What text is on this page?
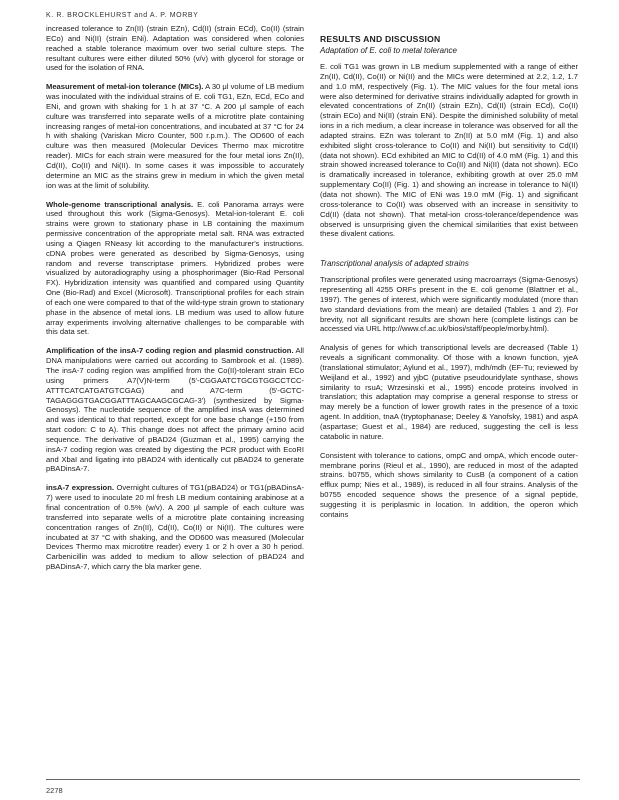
K. R. BROCKLEHURST and A. P. MORBY

increased tolerance to Zn(II) (strain EZn), Cd(II) (strain ECd), Co(II) (strain ECo) and Ni(II) (strain ENi). Adaptation was considered when colonies reached a stable tolerance maximum over two serial culture steps. The resultant cultures were either diluted 50% (v/v) with glycerol for storage or used for the isolation of RNA.

Measurement of metal-ion tolerance (MICs). A 30 μl volume of LB medium was inoculated with the individual strains of E. coli TG1, EZn, ECd, ECo and ENi, and grown with shaking for 1 h at 37 °C. A 200 μl sample of each culture was transferred into separate wells of a microtitre plate containing increasing ranges of metal-ion concentrations, and incubated at 37 °C for 24 h with shaking (Variskan Micro Counter, 500 r.p.m.). The OD600 of each culture was then measured (Molecular Devices Thermo max microtitre reader). MICs for each strain were measured for the four metal ions Zn(II), Cd(II), Co(II) and Ni(II). In some cases it was impossible to accurately determine an MIC as the strains grew in medium in which the given metal ion was at the limit of solubility.

Whole-genome transcriptional analysis. E. coli Panorama arrays were used throughout this work (Sigma-Genosys). Metal-ion-tolerant E. coli strains were grown to stationary phase in LB containing the maximum permissive concentration of the appropriate metal salt. RNA was extracted using a Qiagen RNeasy kit according to the manufacturer's instructions. cDNA probes were generated as described by Sigma-Genosys, using random and reverse transcriptase primers. Hybridized probes were visualized by autoradiography using a phosphorimager (Bio-Rad Personal FX). Hybridization intensity was quantified and compared using Quantity One (Bio-Rad) and Excel (Microsoft). Transcriptional profiles for each strain of each one were compared to that of the wild-type strain grown to stationary phase in the absence of metal ions. LB medium was used to allow future array experiments involving alternative challenges to be comparable with this data set.

Amplification of the insA-7 coding region and plasmid construction. All DNA manipulations were carried out according to Sambrook et al. (1989). The insA-7 coding region was amplified from the Co(II)-tolerant strain ECo using primers A7(V)N-term (5'-CGGAATCTGCGTGGCCTCC-ATTTCATCATGATGTCGAG) and A7C-term (5'-GCTC-TAGAGGGTGACGGATTTAGCAAGCGCAG-3') (synthesized by Sigma-Genosys). The nucleotide sequence of the amplified insA was determined and was identical to that reported, except for one base change (+150 from start codon: C to A). This change does not affect the primary amino acid sequence. The derivative of pBAD24 (Guzman et al., 1995) carrying the insA-7 coding region was created by digesting the PCR product with EcoRI and XbaI and ligating into pBAD24 with identically cut pBAD24 to generate pBADinsA-7.

insA-7 expression. Overnight cultures of TG1(pBAD24) or TG1(pBADinsA-7) were used to inoculate 20 ml fresh LB medium containing arabinose at a final concentration of 0.5% (w/v). A 200 μl sample of each culture was transferred into separate wells of a microtitre plate containing increasing concentration ranges of Zn(II), Cd(II), Co(II) or Ni(II). The cultures were incubated at 37 °C with shaking, and the OD600 was measured (Molecular Devices Thermo max microtitre reader) every 1 or 2 h over a 30 h period. Carbenicillin was added to medium to allow selection of pBAD24 and pBADinsA-7, which carry the bla marker gene.

RESULTS AND DISCUSSION
Adaptation of E. coli to metal tolerance

E. coli TG1 was grown in LB medium supplemented with a range of either Zn(II), Cd(II), Co(II) or Ni(II) and the MICs were determined at 2.2, 1.2, 1.7 and 1.0 mM, respectively (Fig. 1). The MIC values for the four metal ions were also determined for derivative strains individually adapted for growth in elevated concentrations of Zn(II) (strain EZn), Cd(II) (strain ECd), Co(II) (strain ECo) and Ni(II) (strain ENi). Despite the diminished solubility of metal ions in a rich medium, a clear increase in tolerance was observed for all the adapted strains. EZn was tolerant to Zn(II) at 5.0 mM (Fig. 1) and also exhibited slight cross-tolerance to Co(II) and Ni(II) but sensitivity to Cd(II) (data not shown). ECd exhibited an MIC to Cd(II) of 4.0 mM (Fig. 1) and this strain showed increased tolerance to Co(II) and Ni(II) (data not shown). ECo is dramatically increased in tolerance, exhibiting growth at over 25.0 mM supplementary Co(II) (Fig. 1) and showing an increase in tolerance to Ni(II) (data not shown). The MIC of ENi was 19.0 mM (Fig. 1) and significant cross-tolerance to Co(II) was observed with an increase in sensitivity to Cd(II) (data not shown). That metal-ion cross-tolerance/dependence was observed is unsurprising given the chemical similarities that exist between these divalent cations.

Transcriptional analysis of adapted strains

Transcriptional profiles were generated using macroarrays (Sigma-Genosys) representing all 4255 ORFs present in the E. coli genome (Blattner et al., 1997). The genes of interest, which were significantly modulated (more than two standard deviations from the mean) are detailed (Tables 1 and 2). For brevity, not all significant results are shown here (complete listings can be accessed via URL http://www.cf.ac.uk/biosi/staff/people/morby.html).

Analysis of genes for which transcriptional levels are decreased (Table 1) reveals a significant commonality. Of those with a known function, yjeA (translational stimulator; Aylund et al., 1997), mdh/mdh (EF-Tu; reviewed by Weijland et al., 1992) and yjbC (putative pseudouridylate synthase, shows similarity to rsuA; Wrzesinski et al., 1995) encode proteins involved in translation; this adaptation may comprise a general response to stress or may merely be a function of lower growth rates in the presence of a toxic agent. In addition, tnaA (tryptophanase; Deeley & Yanofsky, 1981) and aspA (aspartase; Guest et al., 1984) are reduced, suggesting the cell is less catabolic in nature.

Consistent with tolerance to cations, ompC and ompA, which encode outer-membrane porins (Rieul et al., 1990), are reduced in most of the adapted strains. b0755, which shows similarity to CusB (a component of a cation efflux pump; Nies et al., 1989), is reduced in all four strains. Analysis of the b0755 encoded sequence shows the presence of a signal peptide, suggesting it is periplasmic in location. In addition, the operon which contains

2278
